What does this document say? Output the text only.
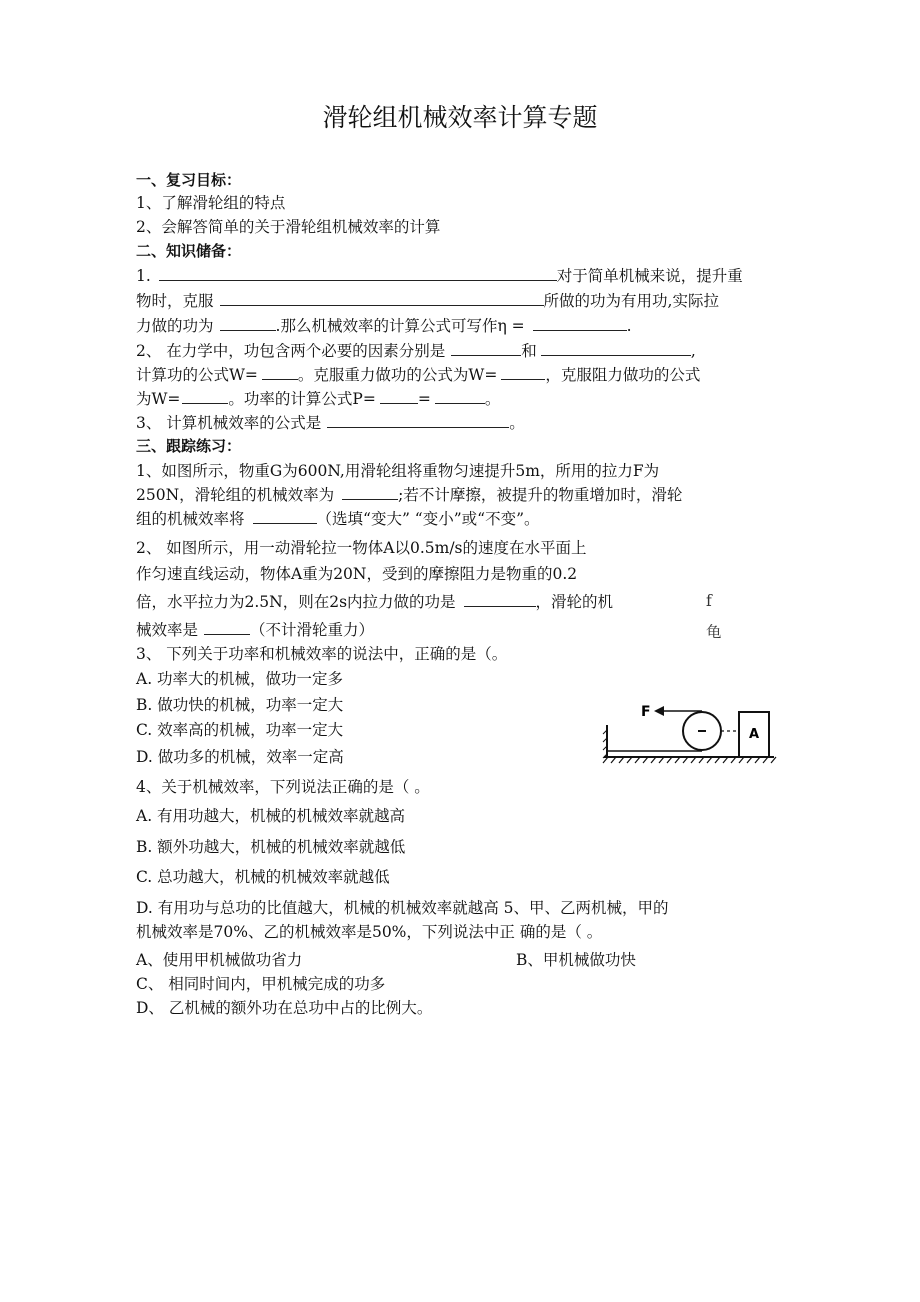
滑轮组机械效率计算专题
一、复习目标：
1、了解滑轮组的特点
2、会解答简单的关于滑轮组机械效率的计算
二、知识储备：
1.	对于简单机械来说，提升重
物时，克服	所做的功为有用功,实际拉
力做的功为	.那么机械效率的计算公式可写作η =	.
2、 在力学中，功包含两个必要的因素分别是	和	,
计算功的公式W=	。克服重力做功的公式为W=	，克服阻力做功的公式
为W=	。功率的计算公式P=	=	。
3、 计算机械效率的公式是	。
三、跟踪练习：
1、如图所示，物重G为600N,用滑轮组将重物匀速提升5m，所用的拉力F为
250N，滑轮组的机械效率为	;若不计摩擦，被提升的物重增加时，滑轮
组的机械效率将	（选填“变大” “变小”或“不变”。
2、 如图所示，用一动滑轮拉一物体A以0.5m/s的速度在水平面上
作匀速直线运动，物体A重为20N，受到的摩擦阻力是物重的0.2
倍，水平拉力为2.5N，则在2s内拉力做的功是	，滑轮的机
械效率是	（不计滑轮重力）
f
龟
3、 下列关于功率和机械效率的说法中，正确的是（。
A. 功率大的机械，做功一定多
B. 做功快的机械，功率一定大
C. 效率高的机械，功率一定大
D. 做功多的机械，效率一定高
F
A
4、关于机械效率，下列说法正确的是（ 。
A. 有用功越大，机械的机械效率就越高
B. 额外功越大，机械的机械效率就越低
C. 总功越大，机械的机械效率就越低
D. 有用功与总功的比值越大，机械的机械效率就越高 5、甲、乙两机械，甲的
机械效率是70%、乙的机械效率是50%，下列说法中正 确的是（ 。
A、使用甲机械做功省力	B、甲机械做功快
C、 相同时间内，甲机械完成的功多
D、 乙机械的额外功在总功中占的比例大。
